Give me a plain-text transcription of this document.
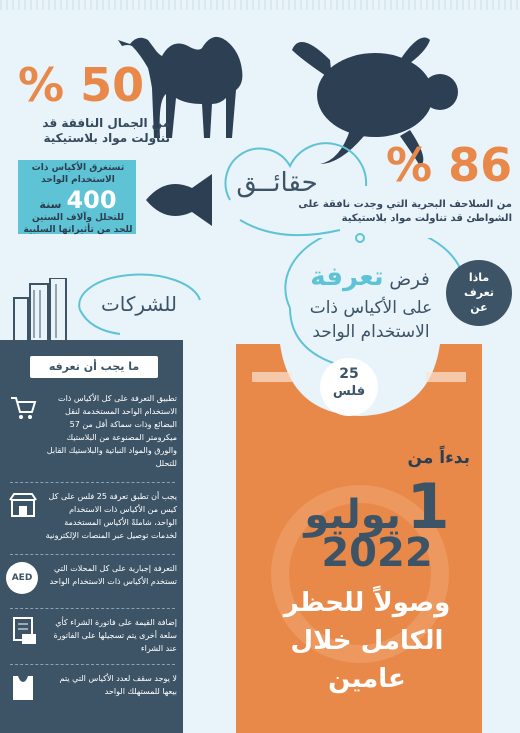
50 %
من الجمال النافقة قد تناولت مواد بلاستيكية	86 %
من السلاحف البحرية التي وجدت نافقة على الشواطئ قد تناولت مواد بلاستيكية
حقائــق
تستغرق الأكياس ذات الاستخدام الواحد
400 سنة
للتحلل وآلاف السنين للحد من تأثيراتها السلبية
فرض تعرفة
على الأكياس ذات
الاستخدام الواحد
ماذا تعرف عن
25
فلس
بدءاً من
1 يوليو
2022
وصولاً للحظر
الكامل خلال
عامين
للشركات
ما يجب أن تعرفه
تطبيق التعرفة على كل الأكياس ذات الاستخدام الواحد المستخدمة لنقل البضائع وذات سماكة أقل من 57 ميكرومتر المصنوعة من البلاستيك والورق والمواد النباتية والبلاستيك القابل للتحلل
يجب أن تطبق تعرفة 25 فلس على كل كيس من الأكياس ذات الاستخدام الواحد، شاملةً الأكياس المستخدمة لخدمات توصيل عبر المنصات الإلكترونية
AED
التعرفة إجبارية على كل المحلات التي تستخدم الأكياس ذات الاستخدام الواحد
إضافة القيمة على فاتورة الشراء كأي سلعة أخرى يتم تسجيلها على الفاتورة عند الشراء
لا يوجد سقف لعدد الأكياس التي يتم بيعها للمستهلك الواحد
